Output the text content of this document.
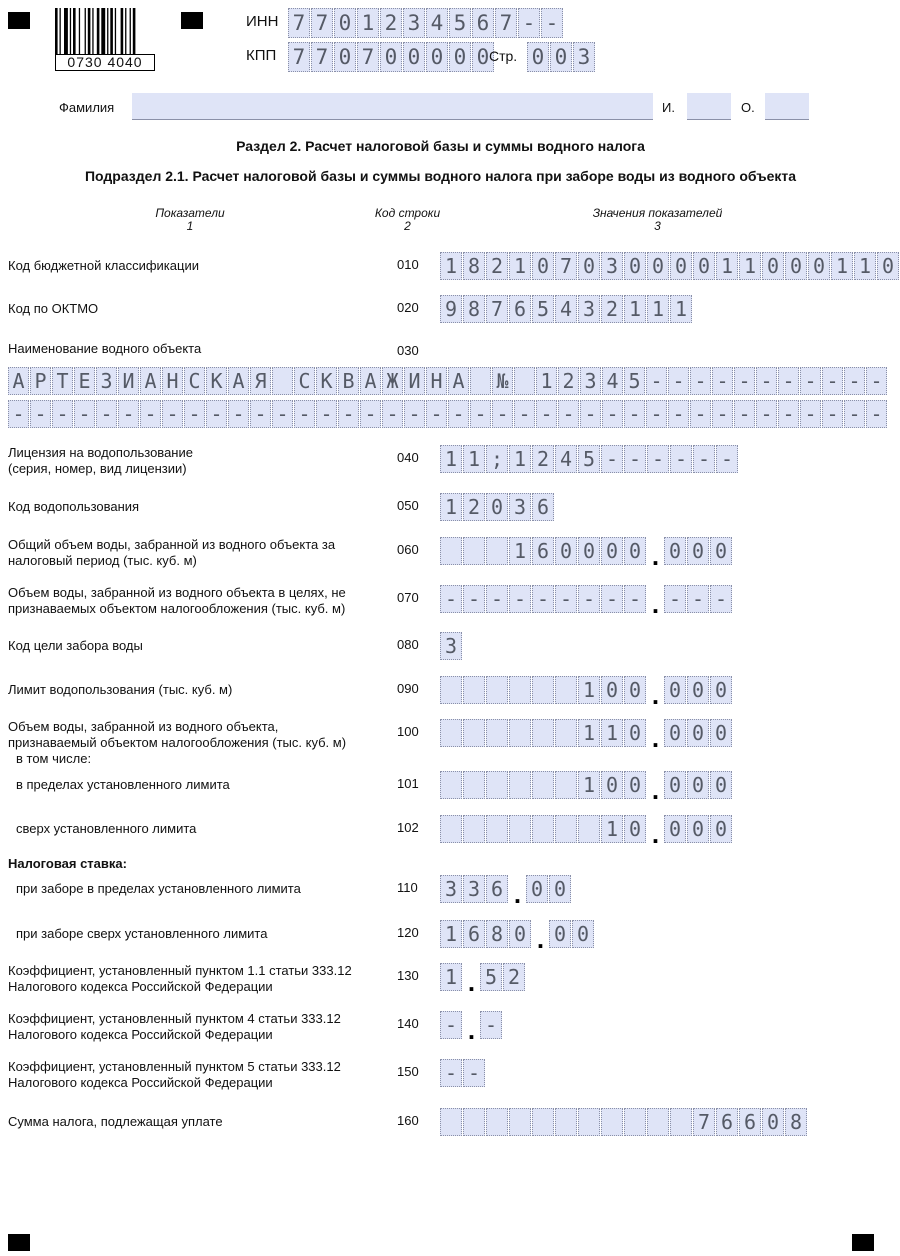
0730 4040
ИНН 7 7 0 1 2 3 4 5 6 7 - -
КПП 7 7 0 7 0 0 0 0 0 Стр. 0 0 3
Фамилия	И.	О.
Раздел 2. Расчет налоговой базы и суммы водного налога
Подраздел 2.1. Расчет налоговой базы и суммы водного налога при заборе воды из водного объекта
Показатели
1
Код строки
2
Значения показателей
3
Код бюджетной классификации	010 1 8 2 1 0 7 0 3 0 0 0 0 1 1 0 0 0 1 1 0
Код по ОКТМО	020 9 8 7 6 5 4 3 2 1 1 1
Наименование водного объекта	030
А Р Т Е З И А Н С К А Я С К В А Ж И Н А № 1 2 3 4 5 - - - - - - - - - - -
- - - - - - - - - - - - - - - - - - - - - - - - - - - - - - - - - - - - - - - -
Лицензия на водопользование
(серия, номер, вид лицензии)
040 1 1 ; 1 2 4 5 - - - - - -
Код водопользования	050 1 2 0 3 6
Общий объем воды, забранной из водного объекта за
налоговый период (тыс. куб. м)
060	1 6 0 0 0 0 . 0 0 0
Объем воды, забранной из водного объекта в целях, не
признаваемых объектом налогообложения (тыс. куб. м)
070 - - - - - - - - - . - - -
Код цели забора воды	080 3
Лимит водопользования (тыс. куб. м)	090	1 0 0 . 0 0 0
Объем воды, забранной из водного объекта,
признаваемый объектом налогообложения (тыс. куб. м)
в том числе:
100	1 1 0 . 0 0 0
в пределах установленного лимита	101	1 0 0 . 0 0 0
сверх установленного лимита	102	1 0 . 0 0 0
Налоговая ставка:
при заборе в пределах установленного лимита	110 3 3 6 . 0 0
при заборе сверх установленного лимита	120 1 6 8 0 . 0 0
Коэффициент, установленный пунктом 1.1 статьи 333.12
Налогового кодекса Российской Федерации
130 1 . 5 2
Коэффициент, установленный пунктом 4 статьи 333.12
Налогового кодекса Российской Федерации
140 - . -
Коэффициент, установленный пунктом 5 статьи 333.12
Налогового кодекса Российской Федерации
150 - -
Сумма налога, подлежащая уплате	160	7 6 6 0 8
